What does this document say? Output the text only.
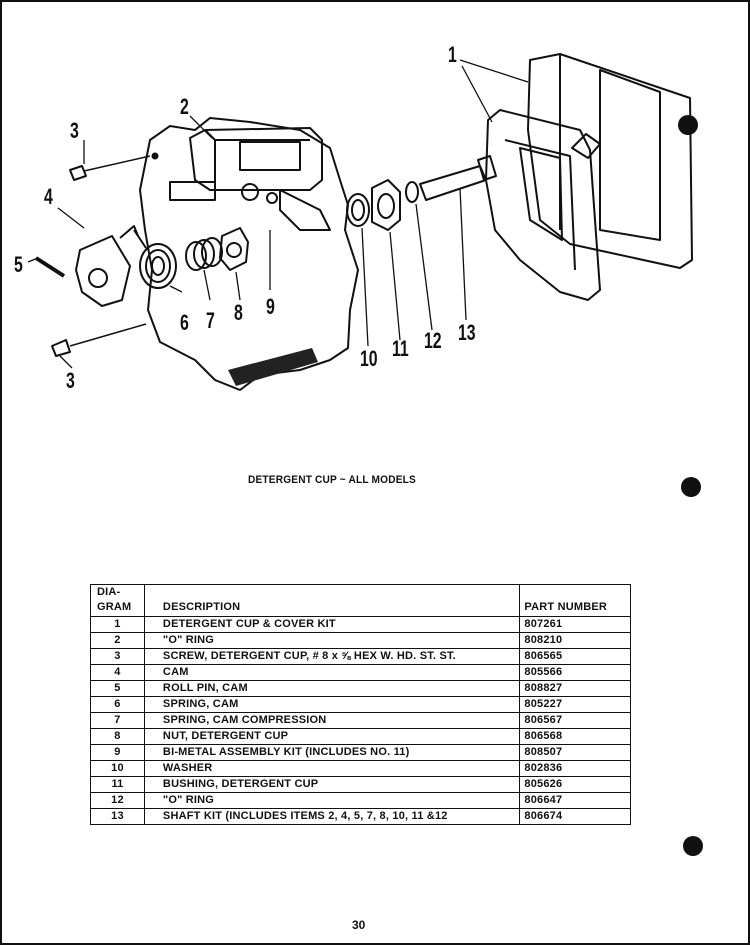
1
2
3
4
5
6 7 8 9
10 11 12 13
3
DETERGENT CUP ~ ALL MODELS
DIA-
GRAM	DESCRIPTION	PART NUMBER
1	DETERGENT CUP & COVER KIT	807261
2	"O" RING	808210
3	SCREW, DETERGENT CUP, # 8 x ⅝ HEX W. HD. ST. ST.	806565
4	CAM	805566
5	ROLL PIN, CAM	808827
6	SPRING, CAM	805227
7	SPRING, CAM COMPRESSION	806567
8	NUT, DETERGENT CUP	806568
9	BI-METAL ASSEMBLY KIT (INCLUDES NO. 11)	808507
10	WASHER	802836
11	BUSHING, DETERGENT CUP	805626
12	"O" RING	806647
13	SHAFT KIT (INCLUDES ITEMS 2, 4, 5, 7, 8, 10, 11 &12	806674
30
